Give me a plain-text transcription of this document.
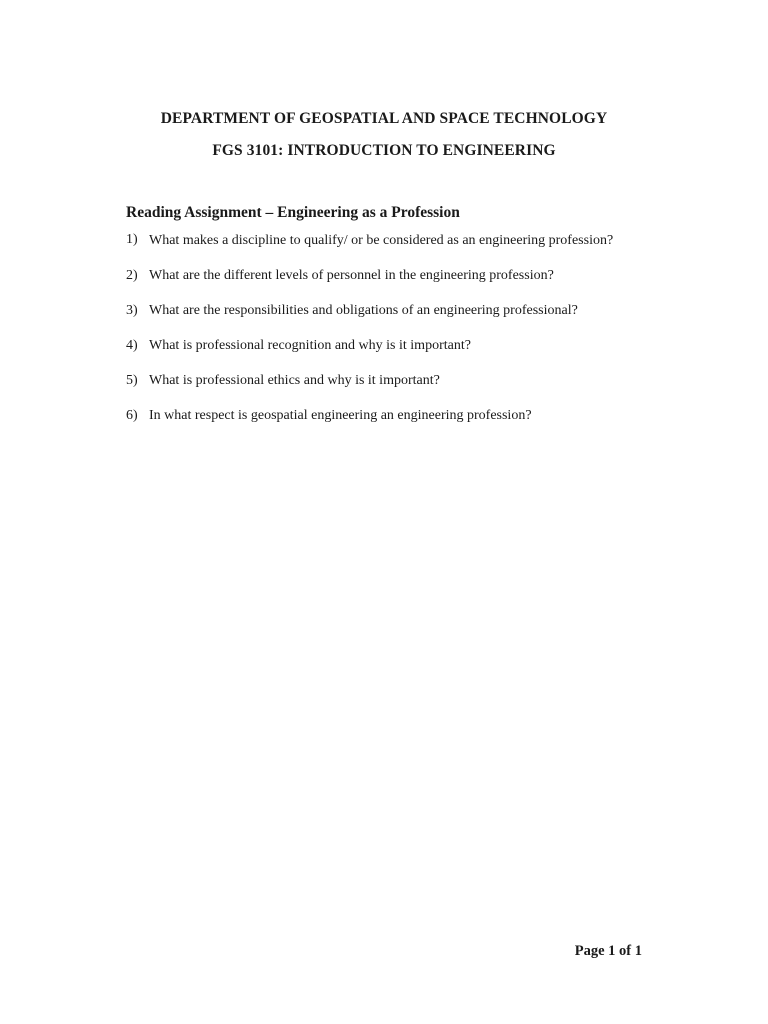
DEPARTMENT OF GEOSPATIAL AND SPACE TECHNOLOGY
FGS 3101: INTRODUCTION TO ENGINEERING
Reading Assignment – Engineering as a Profession
1) What makes a discipline to qualify/ or be considered as an engineering profession?
2) What are the different levels of personnel in the engineering profession?
3) What are the responsibilities and obligations of an engineering professional?
4) What is professional recognition and why is it important?
5) What is professional ethics and why is it important?
6) In what respect is geospatial engineering an engineering profession?
Page 1 of 1
